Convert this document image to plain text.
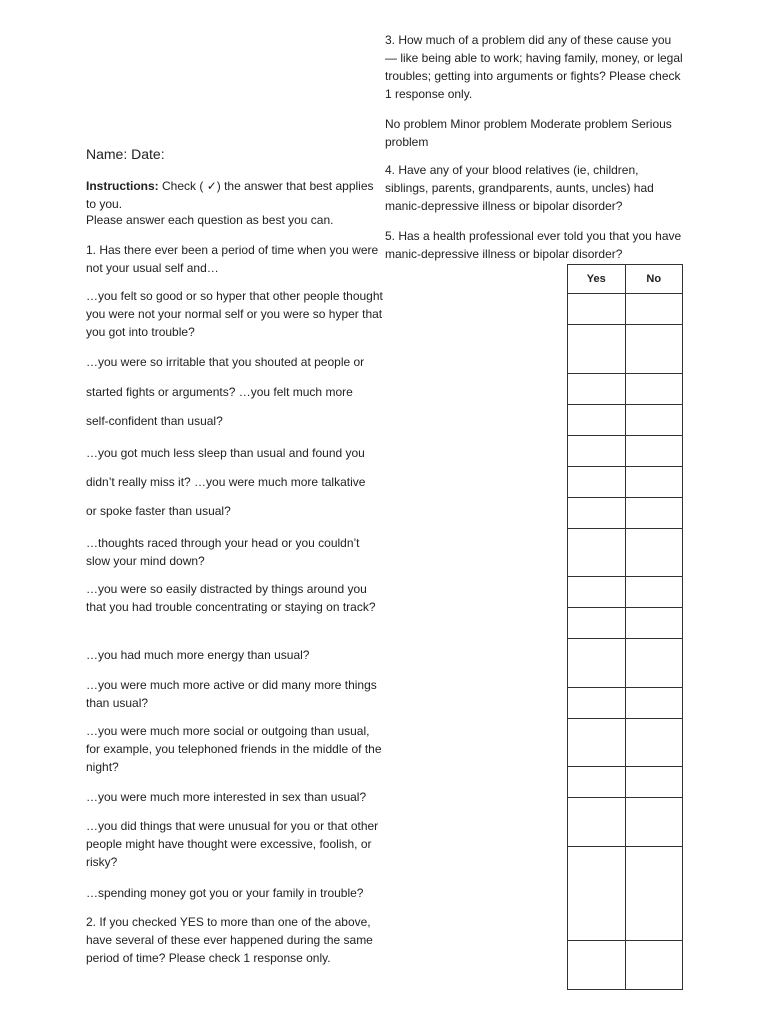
Name: Date:

Instructions: Check ( ✓) the answer that best applies to you.

Please answer each question as best you can.

1. Has there ever been a period of time when you were not your usual self and…

…you felt so good or so hyper that other people thought you were not your normal self or you were so hyper that you got into trouble?

…you were so irritable that you shouted at people or

started fights or arguments? …you felt much more

self-confident than usual?

…you got much less sleep than usual and found you

didn’t really miss it? …you were much more talkative

or spoke faster than usual?

…thoughts raced through your head or you couldn’t slow your mind down?

…you were so easily distracted by things around you that you had trouble concentrating or staying on track?

…you had much more energy than usual?

…you were much more active or did many more things than usual?

…you were much more social or outgoing than usual, for example, you telephoned friends in the middle of the night?

…you were much more interested in sex than usual?

…you did things that were unusual for you or that other people might have thought were excessive, foolish, or risky?

…spending money got you or your family in trouble?

2. If you checked YES to more than one of the above, have several of these ever happened during the same period of time? Please check 1 response only.

3. How much of a problem did any of these cause you — like being able to work; having family, money, or legal troubles; getting into arguments or fights? Please check 1 response only.

No problem Minor problem Moderate problem Serious problem

4. Have any of your blood relatives (ie, children, siblings, parents, grandparents, aunts, uncles) had manic-depressive illness or bipolar disorder?

5. Has a health professional ever told you that you have manic-depressive illness or bipolar disorder?

Yes	No
